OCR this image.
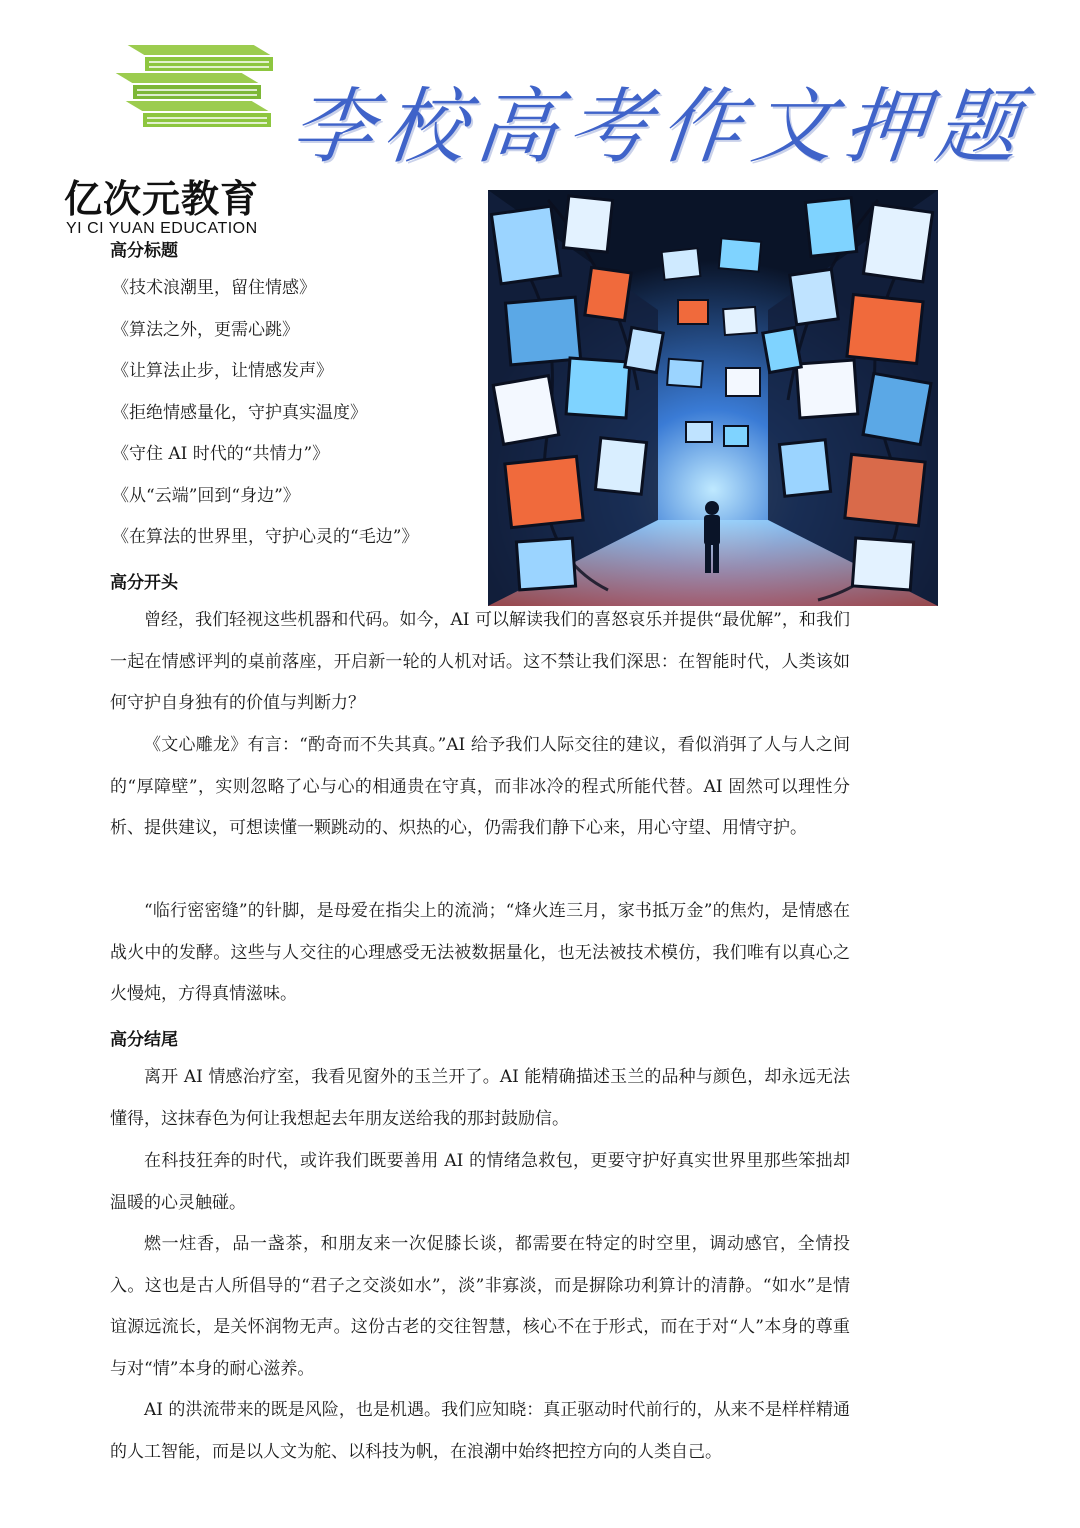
亿次元教育
YI CI YUAN EDUCATION
李校高考作文押题
高分标题
《技术浪潮里，留住情感》
《算法之外，更需心跳》
《让算法止步，让情感发声》
《拒绝情感量化，守护真实温度》
《守住 AI 时代的“共情力”》
《从“云端”回到“身边”》
《在算法的世界里，守护心灵的“毛边”》
高分开头

曾经，我们轻视这些机器和代码。如今，AI 可以解读我们的喜怒哀乐并提供“最优解”，和我们一起在情感评判的桌前落座，开启新一轮的人机对话。这不禁让我们深思：在智能时代，人类该如何守护自身独有的价值与判断力？

《文心雕龙》有言：“酌奇而不失其真。”AI 给予我们人际交往的建议，看似消弭了人与人之间的“厚障壁”，实则忽略了心与心的相通贵在守真，而非冰冷的程式所能代替。AI 固然可以理性分析、提供建议，可想读懂一颗跳动的、炽热的心，仍需我们静下心来，用心守望、用情守护。

“临行密密缝”的针脚，是母爱在指尖上的流淌；“烽火连三月，家书抵万金”的焦灼，是情感在战火中的发酵。这些与人交往的心理感受无法被数据量化，也无法被技术模仿，我们唯有以真心之火慢炖，方得真情滋味。

高分结尾

离开 AI 情感治疗室，我看见窗外的玉兰开了。AI 能精确描述玉兰的品种与颜色，却永远无法懂得，这抹春色为何让我想起去年朋友送给我的那封鼓励信。

在科技狂奔的时代，或许我们既要善用 AI 的情绪急救包，更要守护好真实世界里那些笨拙却温暖的心灵触碰。

燃一炷香，品一盏茶，和朋友来一次促膝长谈，都需要在特定的时空里，调动感官，全情投入。这也是古人所倡导的“君子之交淡如水”，淡”非寡淡，而是摒除功利算计的清静。“如水”是情谊源远流长，是关怀润物无声。这份古老的交往智慧，核心不在于形式，而在于对“人”本身的尊重与对“情”本身的耐心滋养。

AI 的洪流带来的既是风险，也是机遇。我们应知晓：真正驱动时代前行的，从来不是样样精通的人工智能，而是以人文为舵、以科技为帆，在浪潮中始终把控方向的人类自己。
